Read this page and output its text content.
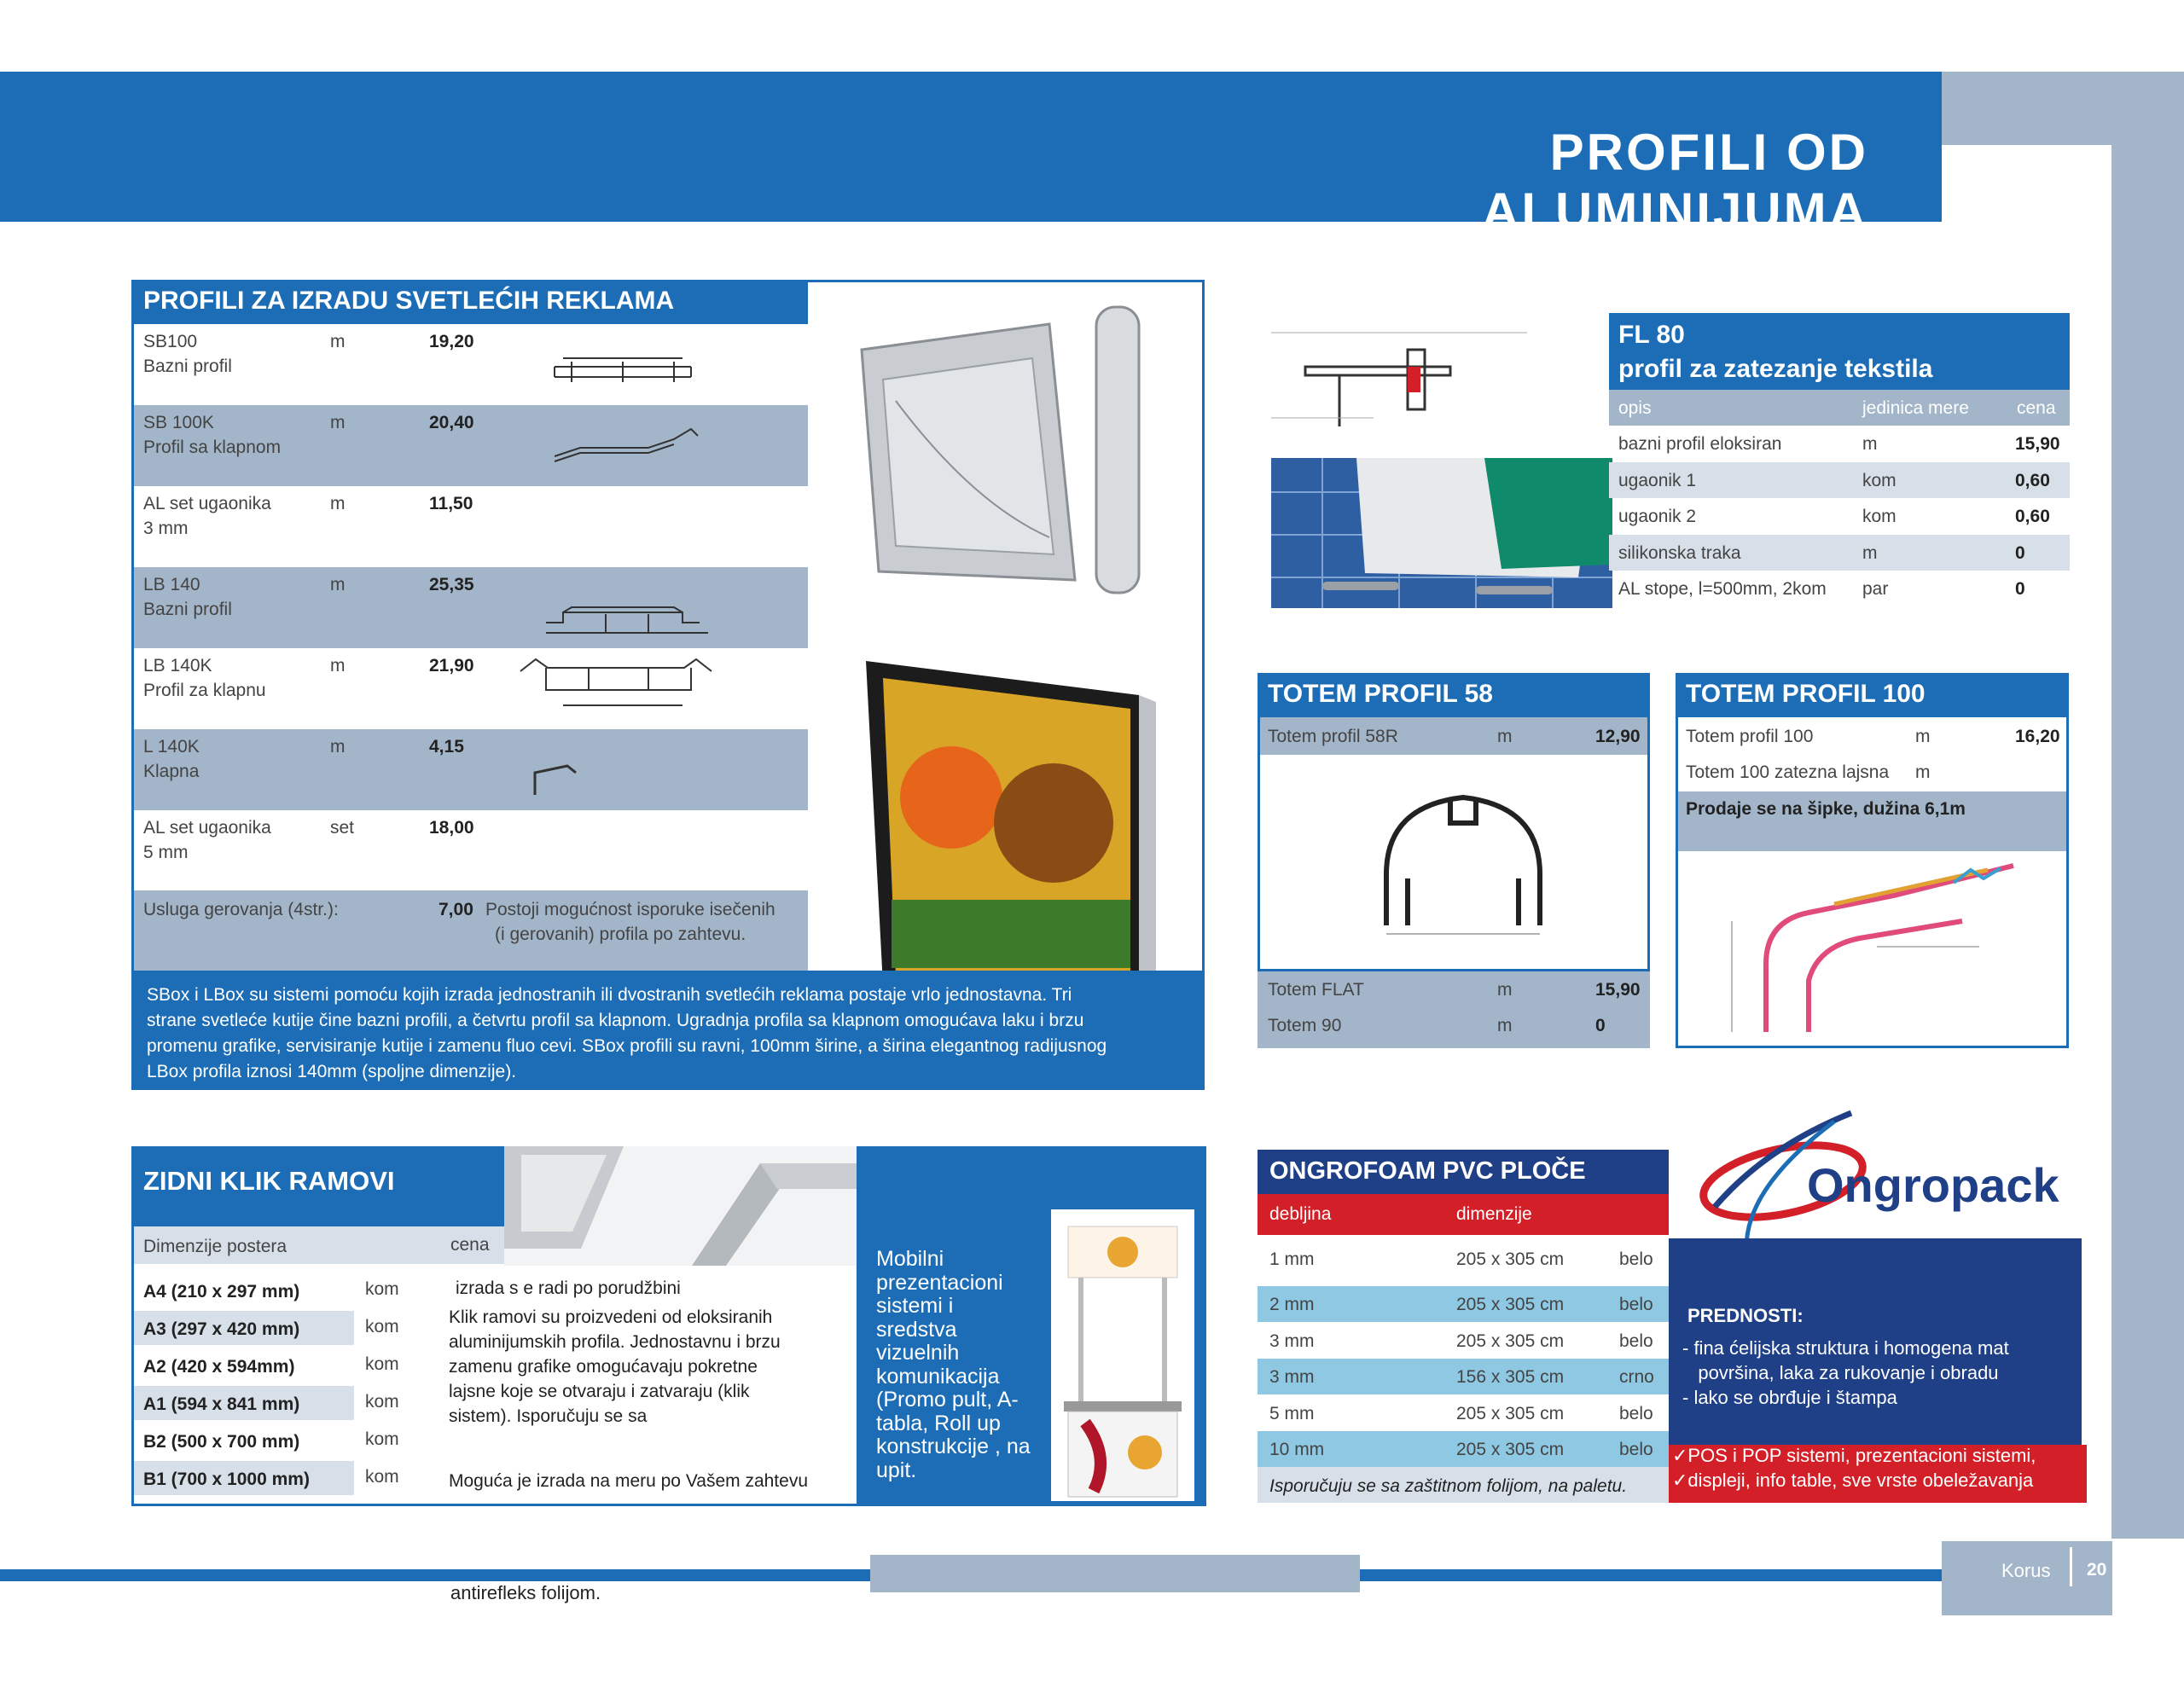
PROFILI OD ALUMINIJUMA
Korus 20
antirefleks folijom.
PROFILI ZA IZRADU SVETLEĆIH REKLAMA
SB100
Bazni profil
m	19,20
SB 100K
Profil sa klapnom
m	20,40
AL set ugaonika
3 mm
m	11,50
LB 140
Bazni profil
m	25,35
LB 140K
Profil za klapnu
m	21,90
L 140K
Klapna
m	4,15
AL set ugaonika
5 mm
set	18,00
Usluga gerovanja (4str.):	7,00 Postoji mogućnost isporuke isečenih
(i gerovanih) profila po zahtevu.
SBox i LBox su sistemi pomoću kojih izrada jednostranih ili dvostranih svetlećih reklama postaje vrlo jednostavna. Tri
strane svetleće kutije čine bazni profili, a četvrtu profil sa klapnom. Ugradnja profila sa klapnom omogućava laku i brzu
promenu grafike, servisiranje kutije i zamenu fluo cevi. SBox profili su ravni, 100mm širine, a širina elegantnog radijusnog
LBox profila iznosi 140mm (spoljne dimenzije).
FL 80
profil za zatezanje tekstila
opis	jedinica mere	cena
bazni profil eloksiran	m	15,90
ugaonik 1	kom	0,60
ugaonik 2	kom	0,60
silikonska traka	m	0
AL stope, l=500mm, 2kom par	0
TOTEM PROFIL 58
Totem profil 58R	m	12,90
Totem FLAT	m	15,90
Totem 90	m	0
TOTEM PROFIL 100
Totem profil 100	m	16,20
Totem 100 zatezna lajsna m
Prodaje se na šipke, dužina 6,1m
ZIDNI KLIK RAMOVI
Dimenzije postera	cena
A4 (210 x 297 mm)	kom
A3 (297 x 420 mm)	kom
A2 (420 x 594mm)	kom
A1 (594 x 841 mm)	kom
B2 (500 x 700 mm)	kom
B1 (700 x 1000 mm)	kom
izrada s e radi po porudžbini
Klik ramovi su proizvedeni od eloksiranih
aluminijumskih profila. Jednostavnu i brzu
zamenu grafike omogućavaju pokretne
lajsne koje se otvaraju i zatvaraju (klik
sistem). Isporučuju se sa
Moguća je izrada na meru po Vašem zahtevu
Mobilni
prezentacioni
sistemi i
sredstva
vizuelnih
komunikacija
(Promo pult, A-
tabla, Roll up
konstrukcije , na
upit.
ONGROFOAM PVC PLOČE
debljina	dimenzije
1 mm	205 x 305 cm	belo
2 mm	205 x 305 cm	belo
3 mm	205 x 305 cm	belo
3 mm	156 x 305 cm	crno
5 mm	205 x 305 cm	belo
10 mm	205 x 305 cm	belo
Isporučuju se sa zaštitnom folijom, na paletu.
Ongropack
PREDNOSTI:
- fina ćelijska struktura i homogena mat
površina, laka za rukovanje i obradu
- lako se obrđuje i štampa
✓POS i POP sistemi, prezentacioni sistemi,
✓displeji, info table, sve vrste obeležavanja
